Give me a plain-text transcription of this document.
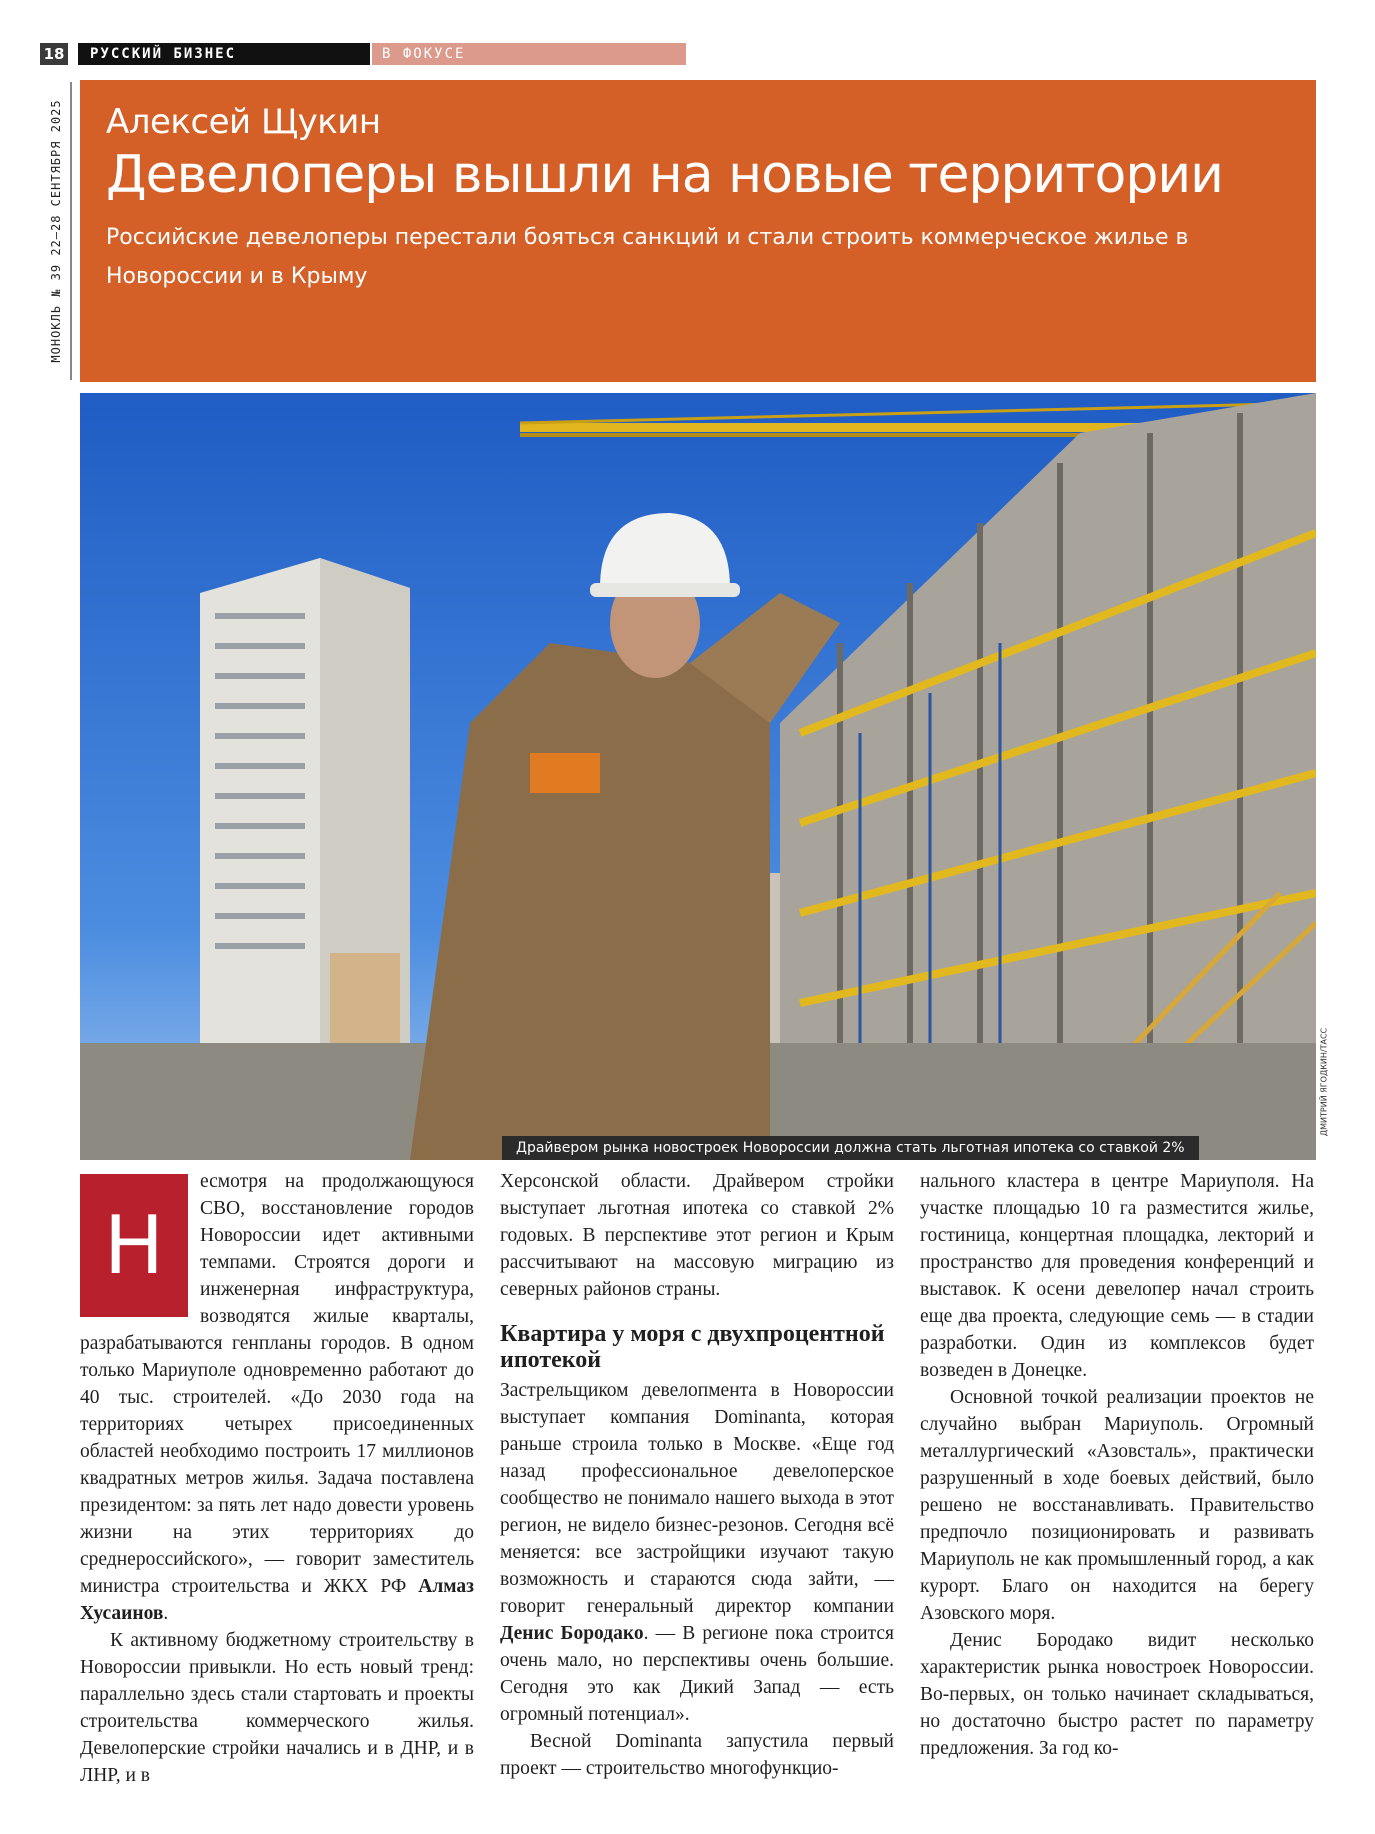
18	РУССКИЙ БИЗНЕС	В ФОКУСЕ
МОНОКЛЬ № 39 22–28 СЕНТЯБРЯ 2025 Алексей Щукин
Девелоперы вышли на новые территории
Российские девелоперы перестали бояться санкций и стали строить коммерческое жилье в Новороссии и в Крыму
ДМИТРИЙ ЯГОДКИН/ТАСС
Драйвером рынка новостроек Новороссии должна стать льготная ипотека со ставкой 2%
Н

есмотря на продолжающуюся СВО, восстановление городов Новороссии идет активными темпами. Строятся дороги и инженерная инфраструктура, возводятся жилые кварталы, разрабатываются генпланы городов. В одном только Мариуполе одновременно работают до 40 тыс. строителей. «До 2030 года на территориях четырех присоединенных областей необходимо построить 17 миллионов квадратных метров жилья. Задача поставлена президентом: за пять лет надо довести уровень жизни на этих территориях до среднероссийского», — говорит заместитель министра строительства и ЖКХ РФ Алмаз Хусаинов.

К активному бюджетному строительству в Новороссии привыкли. Но есть новый тренд: параллельно здесь стали стартовать и проекты строительства коммерческого жилья. Девелоперские стройки начались и в ДНР, и в ЛНР, и в

Херсонской области. Драйвером стройки выступает льготная ипотека со ставкой 2% годовых. В перспективе этот регион и Крым рассчитывают на массовую миграцию из северных районов страны.

Квартира у моря с двухпроцентной ипотекой

Застрельщиком девелопмента в Новороссии выступает компания Dominanta, которая раньше строила только в Москве. «Еще год назад профессиональное девелоперское сообщество не понимало нашего выхода в этот регион, не видело бизнес-резонов. Сегодня всё меняется: все застройщики изучают такую возможность и стараются сюда зайти, — говорит генеральный директор компании Денис Бородако. — В регионе пока строится очень мало, но перспективы очень большие. Сегодня это как Дикий Запад — есть огромный потенциал».

Весной Dominanta запустила первый проект — строительство многофункцио-

нального кластера в центре Мариуполя. На участке площадью 10 га разместится жилье, гостиница, концертная площадка, лекторий и пространство для проведения конференций и выставок. К осени девелопер начал строить еще два проекта, следующие семь — в стадии разработки. Один из комплексов будет возведен в Донецке.

Основной точкой реализации проектов не случайно выбран Мариуполь. Огромный металлургический «Азовсталь», практически разрушенный в ходе боевых действий, было решено не восстанавливать. Правительство предпочло позиционировать и развивать Мариуполь не как промышленный город, а как курорт. Благо он находится на берегу Азовского моря.

Денис Бородако видит несколько характеристик рынка новостроек Новороссии. Во-первых, он только начинает складываться, но достаточно быстро растет по параметру предложения. За год ко-
